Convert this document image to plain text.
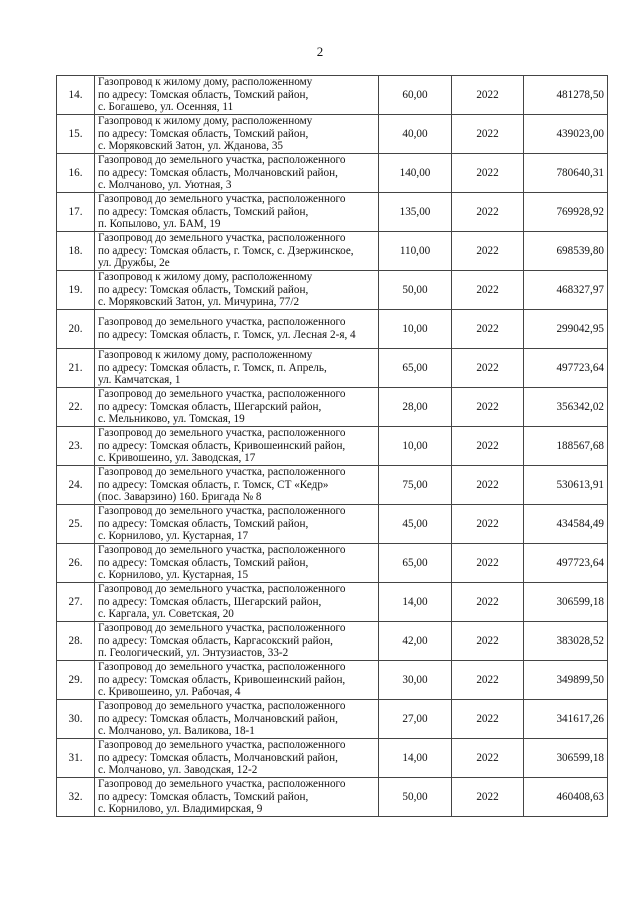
2
14.	Газопровод к жилому дому, расположенному
по адресу: Томская область, Томский район,
с. Богашево, ул. Осенняя, 11	60,00	2022	481278,50
15.	Газопровод к жилому дому, расположенному
по адресу: Томская область, Томский район,
с. Моряковский Затон, ул. Жданова, 35	40,00	2022	439023,00
16.	Газопровод до земельного участка, расположенного
по адресу: Томская область, Молчановский район,
с. Молчаново, ул. Уютная, 3	140,00	2022	780640,31
17.	Газопровод до земельного участка, расположенного
по адресу: Томская область, Томский район,
п. Копылово, ул. БАМ, 19	135,00	2022	769928,92
18.	Газопровод до земельного участка, расположенного
по адресу: Томская область, г. Томск, с. Дзержинское,
ул. Дружбы, 2е	110,00	2022	698539,80
19.	Газопровод к жилому дому, расположенному
по адресу: Томская область, Томский район,
с. Моряковский Затон, ул. Мичурина, 77/2	50,00	2022	468327,97
20.	Газопровод до земельного участка, расположенного
по адресу: Томская область, г. Томск, ул. Лесная 2-я, 4	10,00	2022	299042,95
21.	Газопровод к жилому дому, расположенному
по адресу: Томская область, г. Томск, п. Апрель,
ул. Камчатская, 1	65,00	2022	497723,64
22.	Газопровод до земельного участка, расположенного
по адресу: Томская область, Шегарский район,
с. Мельниково, ул. Томская, 19	28,00	2022	356342,02
23.	Газопровод до земельного участка, расположенного
по адресу: Томская область, Кривошеинский район,
с. Кривошеино, ул. Заводская, 17	10,00	2022	188567,68
24.	Газопровод до земельного участка, расположенного
по адресу: Томская область, г. Томск, СТ «Кедр»
(пос. Заварзино) 160. Бригада № 8	75,00	2022	530613,91
25.	Газопровод до земельного участка, расположенного
по адресу: Томская область, Томский район,
с. Корнилово, ул. Кустарная, 17	45,00	2022	434584,49
26.	Газопровод до земельного участка, расположенного
по адресу: Томская область, Томский район,
с. Корнилово, ул. Кустарная, 15	65,00	2022	497723,64
27.	Газопровод до земельного участка, расположенного
по адресу: Томская область, Шегарский район,
с. Каргала, ул. Советская, 20	14,00	2022	306599,18
28.	Газопровод до земельного участка, расположенного
по адресу: Томская область, Каргасокский район,
п. Геологический, ул. Энтузиастов, 33-2	42,00	2022	383028,52
29.	Газопровод до земельного участка, расположенного
по адресу: Томская область, Кривошеинский район,
с. Кривошеино, ул. Рабочая, 4	30,00	2022	349899,50
30.	Газопровод до земельного участка, расположенного
по адресу: Томская область, Молчановский район,
с. Молчаново, ул. Валикова, 18-1	27,00	2022	341617,26
31.	Газопровод до земельного участка, расположенного
по адресу: Томская область, Молчановский район,
с. Молчаново, ул. Заводская, 12-2	14,00	2022	306599,18
32.	Газопровод до земельного участка, расположенного
по адресу: Томская область, Томский район,
с. Корнилово, ул. Владимирская, 9	50,00	2022	460408,63
